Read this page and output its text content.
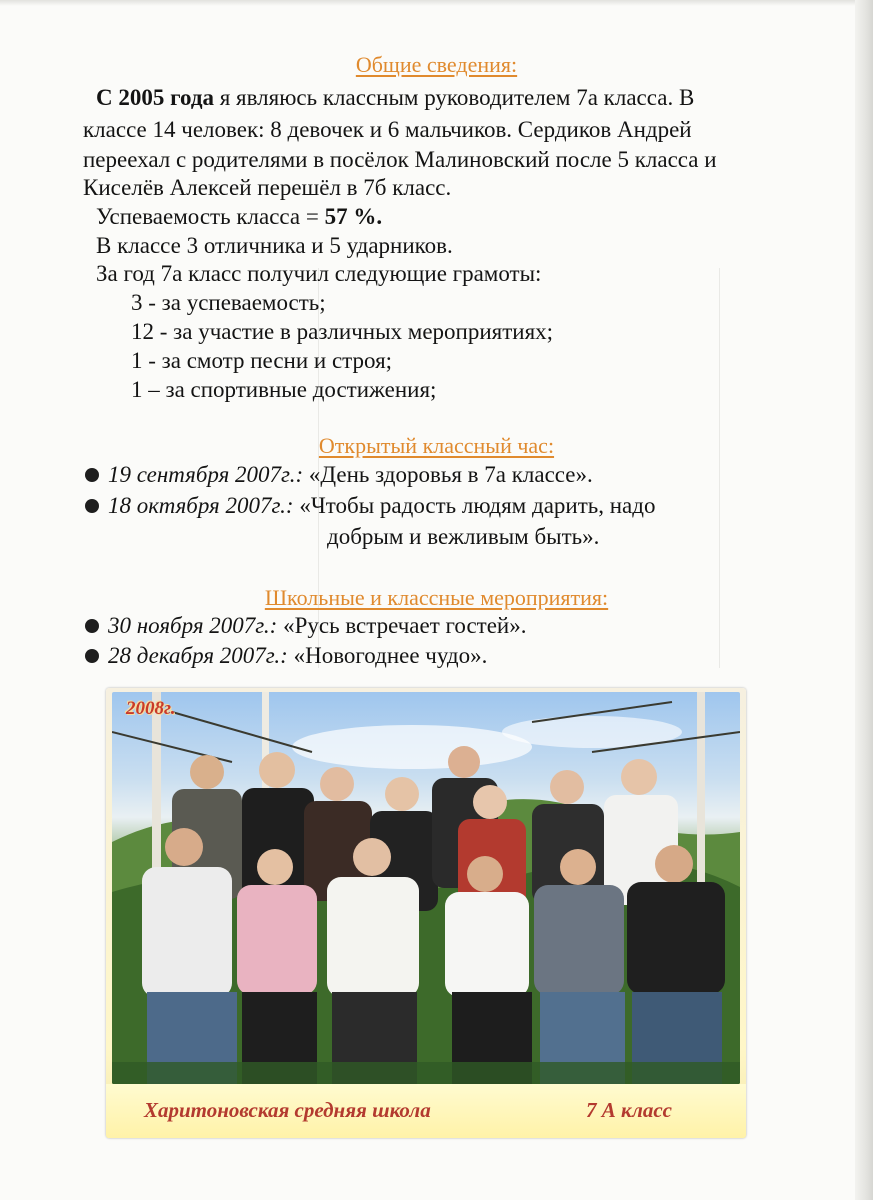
Общие сведения:
С 2005 года я являюсь классным руководителем 7а класса. В
классе 14 человек: 8 девочек и 6 мальчиков. Сердиков Андрей
переехал с родителями в посёлок Малиновский после 5 класса и
Киселёв Алексей перешёл в 7б класс.
Успеваемость класса = 57 %.
В классе 3 отличника и 5 ударников.
За год 7а класс получил следующие грамоты:
3 - за успеваемость;
12 - за участие в различных мероприятиях;
1 - за смотр песни и строя;
1 – за спортивные достижения;
Открытый классный час:
19 сентября 2007г.: «День здоровья в 7а классе».
18 октября 2007г.: «Чтобы радость людям дарить, надо
добрым и вежливым быть».
Школьные и классные мероприятия:
30 ноября 2007г.: «Русь встречает гостей».
28 декабря 2007г.: «Новогоднее чудо».
2008г.
Харитоновская средняя школа	7 А класс
